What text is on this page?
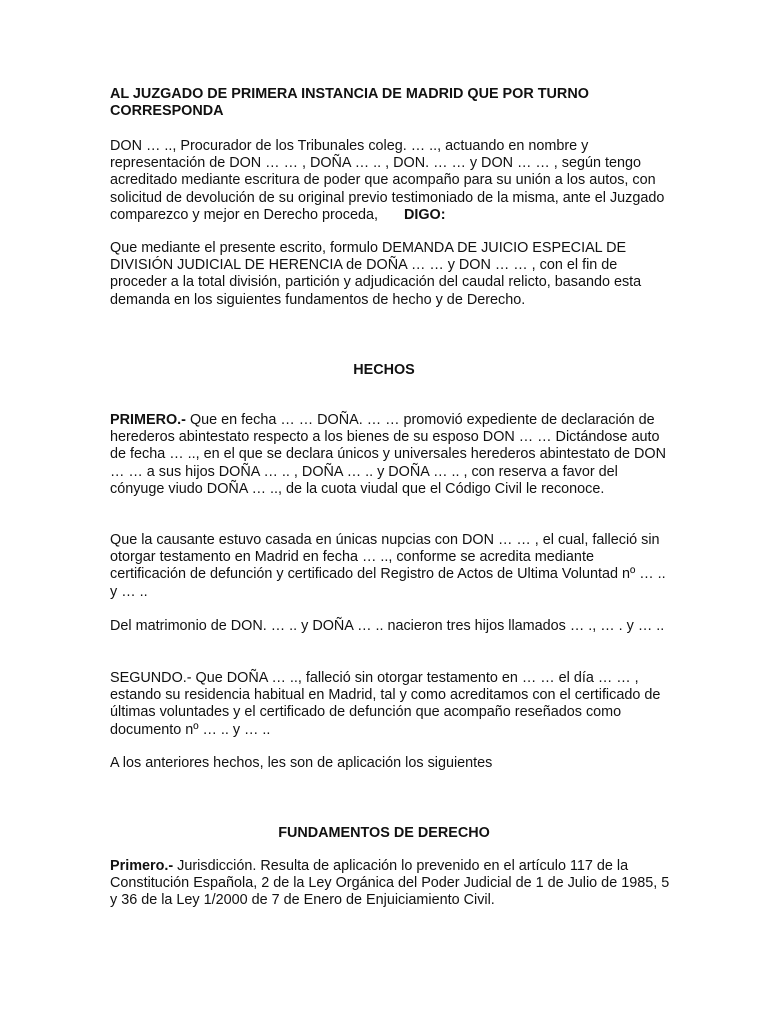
AL JUZGADO DE PRIMERA INSTANCIA DE MADRID QUE POR TURNO CORRESPONDA

DON … .., Procurador de los Tribunales coleg. … .., actuando en nombre y representación de DON … … , DOÑA … .. , DON. … … y DON … … , según tengo acreditado mediante escritura de poder que acompaño para su unión a los autos, con solicitud de devolución de su original previo testimoniado de la misma, ante el Juzgado comparezco y mejor en Derecho proceda, DIGO:

Que mediante el presente escrito, formulo DEMANDA DE JUICIO ESPECIAL DE DIVISIÓN JUDICIAL DE HERENCIA de DOÑA … … y DON … … , con el fin de proceder a la total división, partición y adjudicación del caudal relicto, basando esta demanda en los siguientes fundamentos de hecho y de Derecho.

HECHOS

PRIMERO.- Que en fecha … … DOÑA. … … promovió expediente de declaración de herederos abintestato respecto a los bienes de su esposo DON … … Dictándose auto de fecha … .., en el que se declara únicos y universales herederos abintestato de DON … … a sus hijos DOÑA … .. , DOÑA … .. y DOÑA … .. , con reserva a favor del cónyuge viudo DOÑA … .., de la cuota viudal que el Código Civil le reconoce.

Que la causante estuvo casada en únicas nupcias con DON … … , el cual, falleció sin otorgar testamento en Madrid en fecha … .., conforme se acredita mediante certificación de defunción y certificado del Registro de Actos de Ultima Voluntad nº … .. y … ..

Del matrimonio de DON. … .. y DOÑA … .. nacieron tres hijos llamados … ., … . y … ..

SEGUNDO.- Que DOÑA … .., falleció sin otorgar testamento en … … el día … … , estando su residencia habitual en Madrid, tal y como acreditamos con el certificado de últimas voluntades y el certificado de defunción que acompaño reseñados como documento nº … .. y … ..

A los anteriores hechos, les son de aplicación los siguientes

FUNDAMENTOS DE DERECHO

Primero.- Jurisdicción. Resulta de aplicación lo prevenido en el artículo 117 de la Constitución Española, 2 de la Ley Orgánica del Poder Judicial de 1 de Julio de 1985, 5 y 36 de la Ley 1/2000 de 7 de Enero de Enjuiciamiento Civil.
